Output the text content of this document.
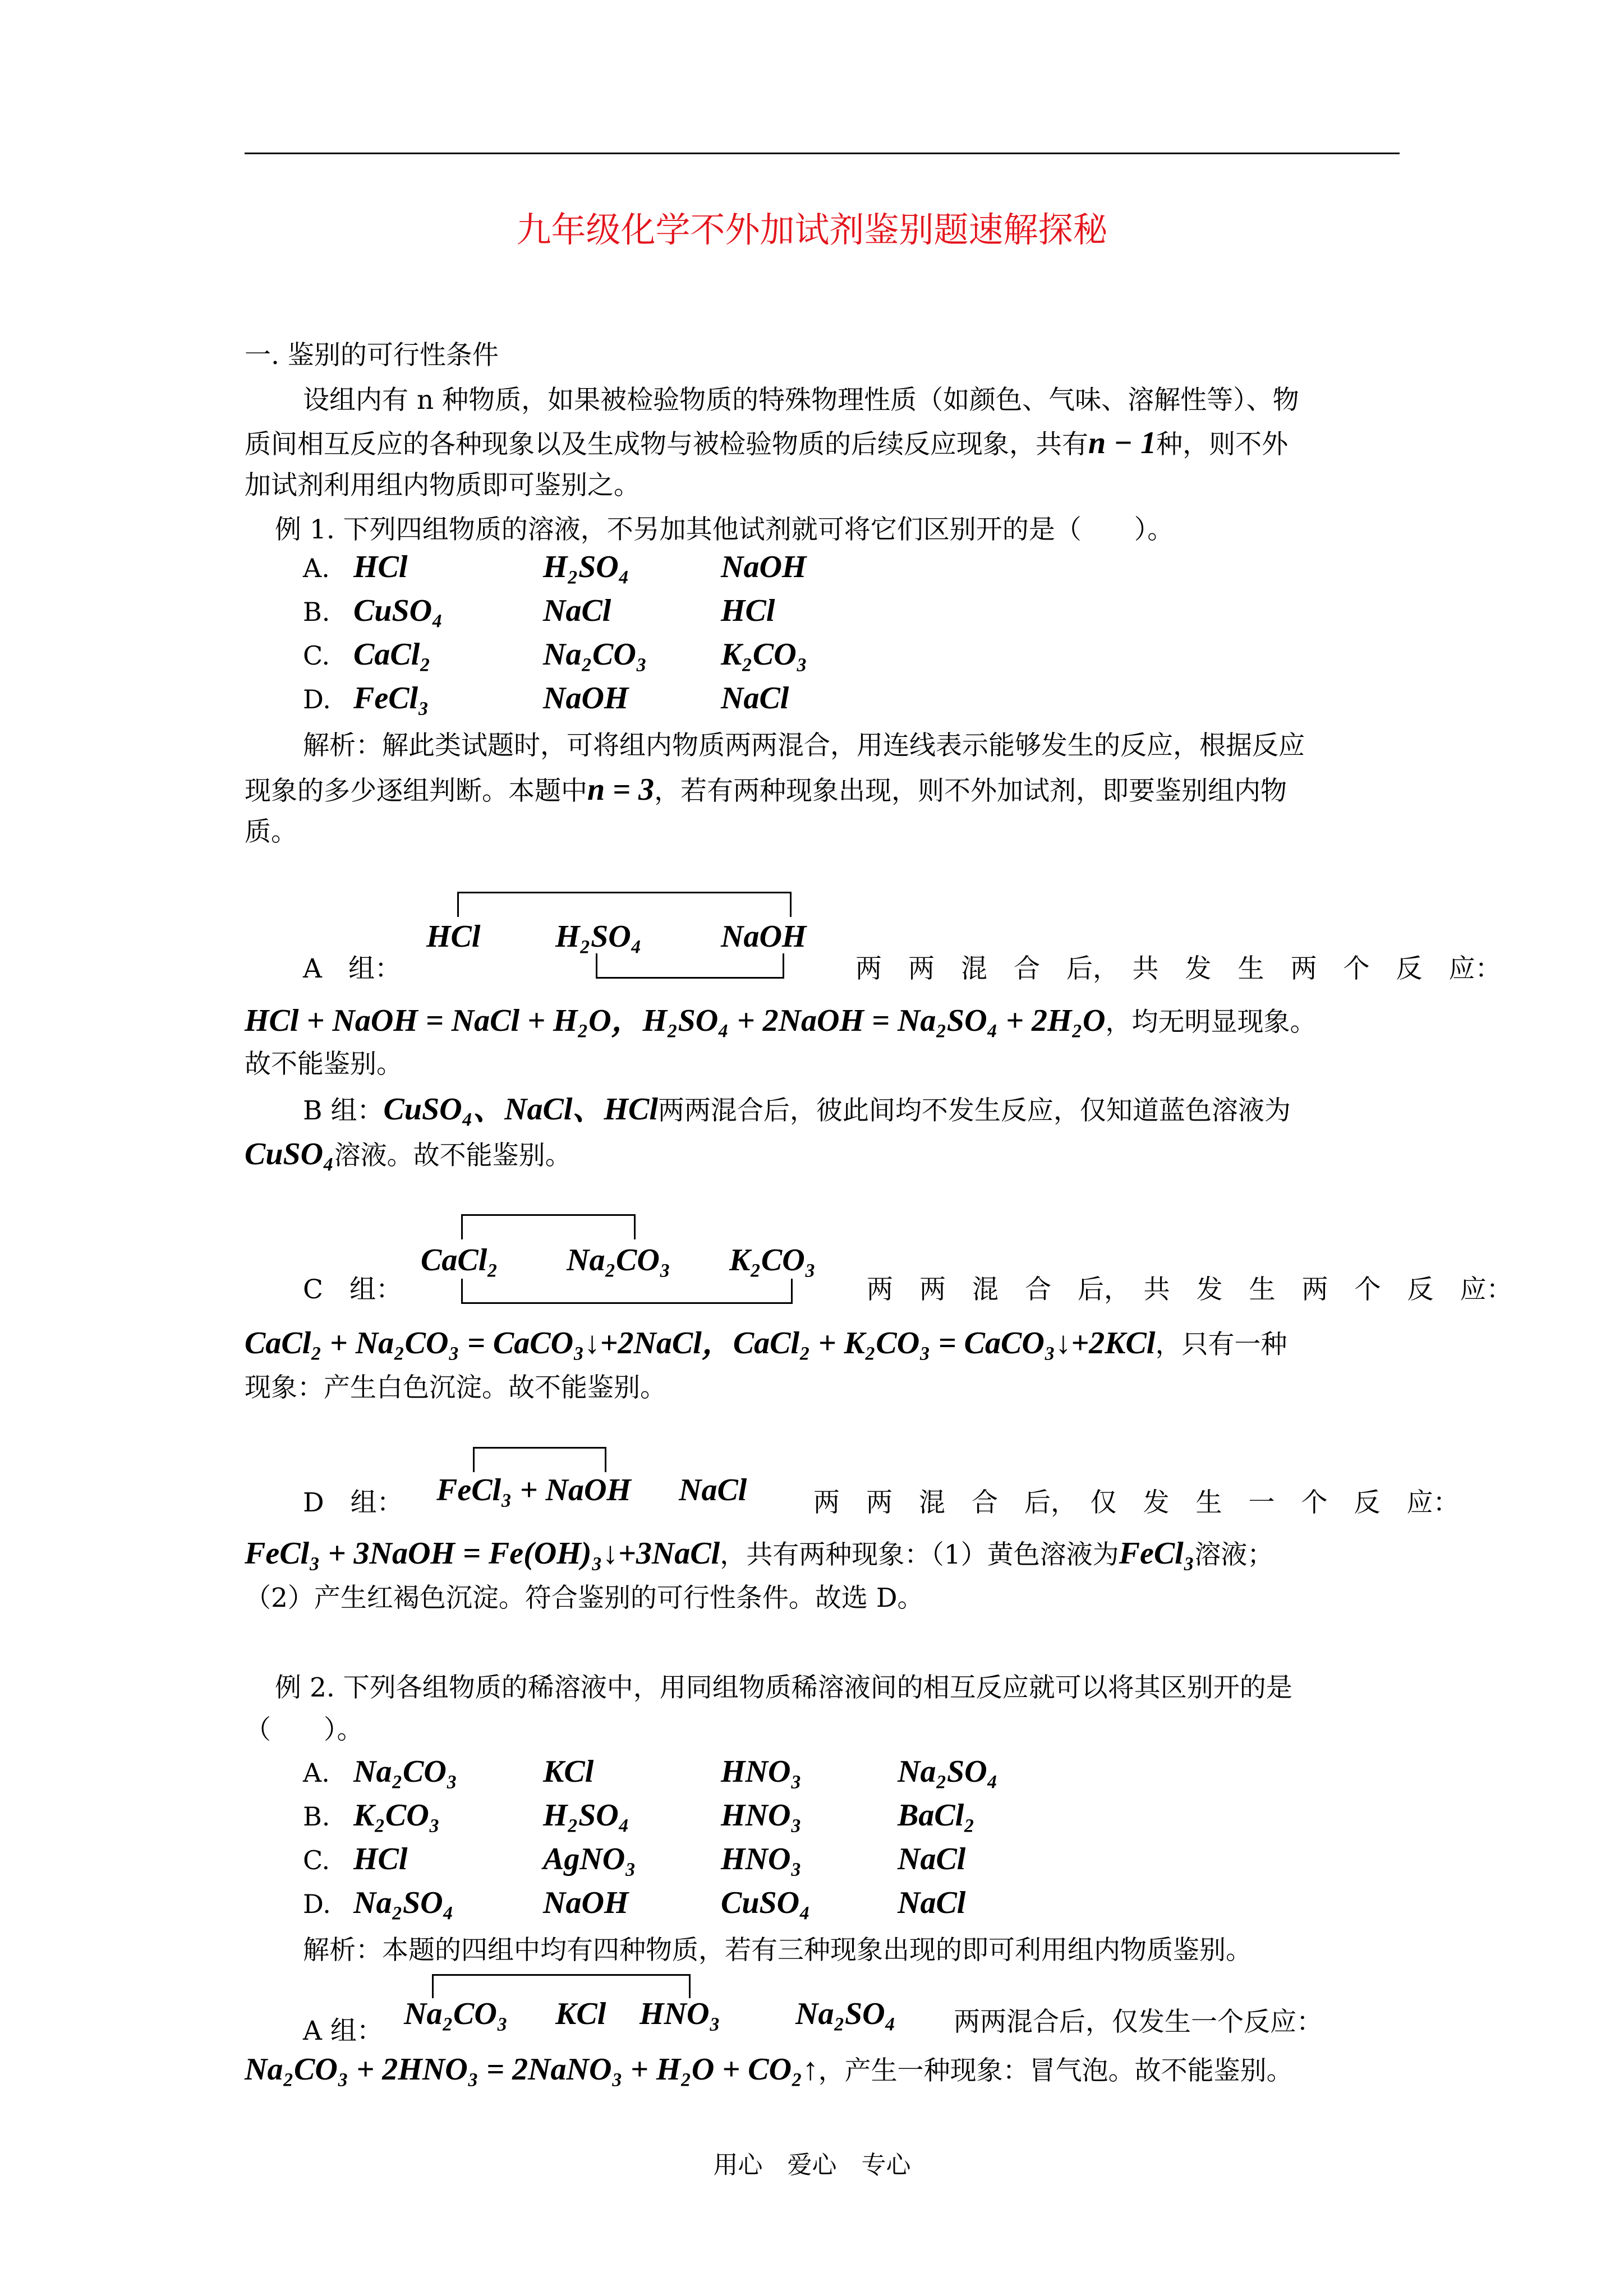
九年级化学不外加试剂鉴别题速解探秘
一. 鉴别的可行性条件
设组内有 n 种物质，如果被检验物质的特殊物理性质（如颜色、气味、溶解性等）、物
质间相互反应的各种现象以及生成物与被检验物质的后续反应现象，共有n − 1种，则不外
加试剂利用组内物质即可鉴别之。
例 1. 下列四组物质的溶液，不另加其他试剂就可将它们区别开的是（　　）。
A. HCl	H₂SO₄	NaOH
B. CuSO₄	NaCl	HCl
C. CaCl₂	Na₂CO₃ K₂CO₃
D. FeCl₃	NaOH	NaCl
解析：解此类试题时，可将组内物质两两混合，用连线表示能够发生的反应，根据反应
现象的多少逐组判断。本题中n = 3，若有两种现象出现，则不外加试剂，即要鉴别组内物
质。
HCl H₂SO₄	NaOH
A　组：	两　两　混　合　后，　共　发　生　两　个　反　应：
HCl + NaOH = NaCl + H₂O，H₂SO₄ + 2NaOH = Na₂SO₄ + 2H₂O，均无明显现象。
故不能鉴别。
B 组：CuSO₄、NaCl、HCl两两混合后，彼此间均不发生反应，仅知道蓝色溶液为
CuSO₄溶液。故不能鉴别。
CaCl₂ Na₂CO₃ K₂CO₃
C　组：	两　两　混　合　后，　共　发　生　两　个　反　应：
CaCl₂ + Na₂CO₃ = CaCO₃↓+2NaCl，CaCl₂ + K₂CO₃ = CaCO₃↓+2KCl，只有一种
现象：产生白色沉淀。故不能鉴别。
FeCl₃ + NaOH NaCl
D　组：	两　两　混　合　后，　仅　发　生　一　个　反　应：
FeCl₃ + 3NaOH = Fe(OH)₃↓+3NaCl，共有两种现象：（1）黄色溶液为FeCl₃溶液；
（2）产生红褐色沉淀。符合鉴别的可行性条件。故选 D。
例 2. 下列各组物质的稀溶液中，用同组物质稀溶液间的相互反应就可以将其区别开的是
（　　）。
A. Na₂CO₃	KCl	HNO₃	Na₂SO₄
B. K₂CO₃	H₂SO₄	HNO₃	BaCl₂
C. HCl	AgNO₃	HNO₃	NaCl
D. Na₂SO₄	NaOH	CuSO₄	NaCl
解析：本题的四组中均有四种物质，若有三种现象出现的即可利用组内物质鉴别。
Na₂CO₃ KCl HNO₃ Na₂SO₄
A 组：	两两混合后，仅发生一个反应：
Na₂CO₃ + 2HNO₃ = 2NaNO₃ + H₂O + CO₂↑，产生一种现象：冒气泡。故不能鉴别。
用心　爱心　专心
